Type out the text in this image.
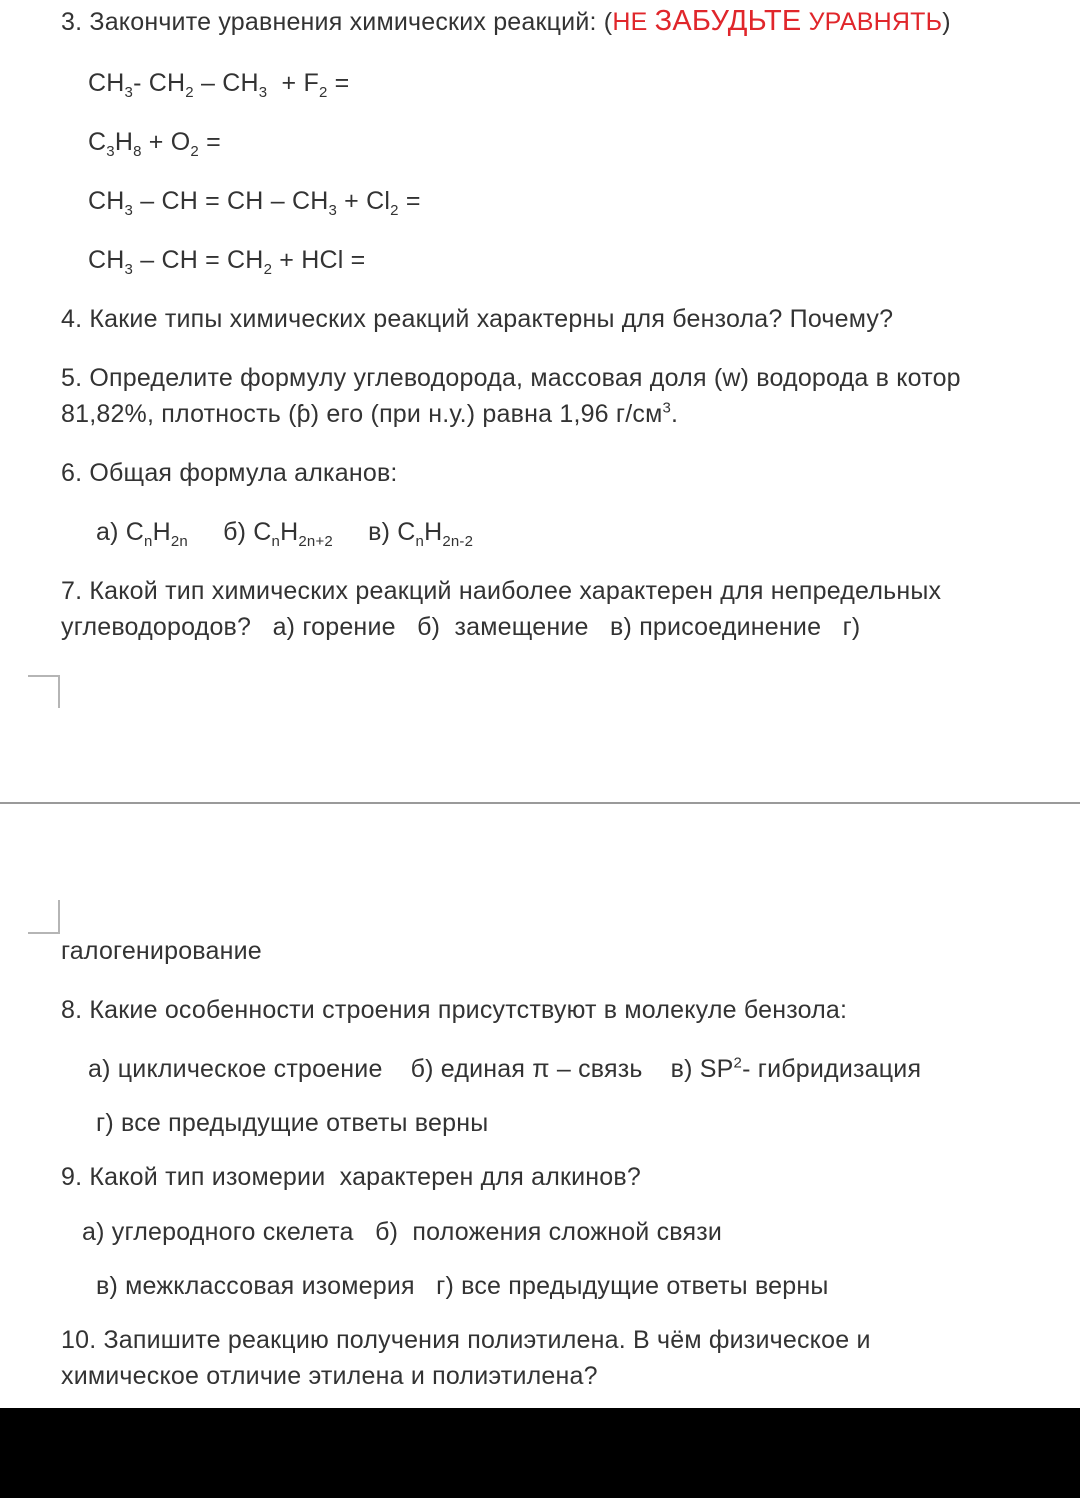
3. Закончите уравнения химических реакций: (НЕ ЗАБУДЬТЕ УРАВНЯТЬ)
$CH_3-$ $CH_2 - CH_3 + F_2$ =
$C_3H_8 + O_2$ =
$CH_3$ – CH = CH – $CH_3 + Cl_2$ =
$CH_3$ – CH = $CH_2$ + HCl =
4. Какие типы химических реакций характерны для бензола? Почему?
5. Определите формулу углеводорода, массовая доля (w) водорода в котор
81,82%, плотность (ƥ) его (при н.у.) равна 1,96 $г/см^3$.
6. Общая формула алканов:
а) $C_nH_{2n}$ б) $C_nH_{2n+2}$ в) $C_nH_{2n-2}$
7. Какой тип химических реакций наиболее характерен для непредельных
углеводородов?   а) горение   б)  замещение   в) присоединение   г)
галогенирование
8. Какие особенности строения присутствуют в молекуле бензола:
а) циклическое строение б) единая π – связь в) $SP^2-$ гибридизация
г) все предыдущие ответы верны
9. Какой тип изомерии  характерен для алкинов?
а) углеродного скелета   б)  положения сложной связи
в) межклассовая изомерия   г) все предыдущие ответы верны
10. Запишите реакцию получения полиэтилена. В чём физическое и
химическое отличие этилена и полиэтилена?
